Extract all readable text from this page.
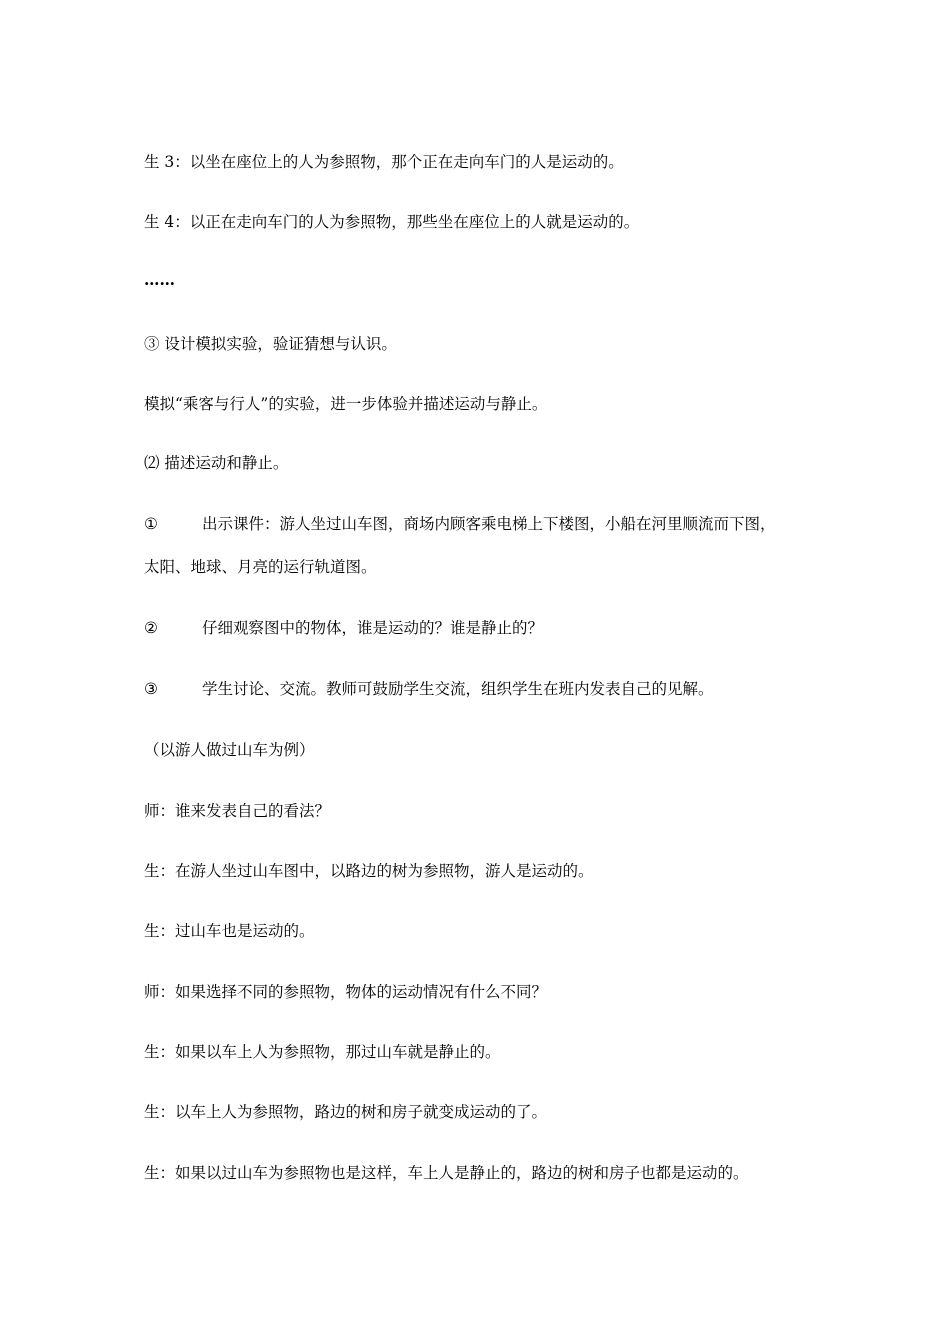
生 3：以坐在座位上的人为参照物，那个正在走向车门的人是运动的。
生 4：以正在走向车门的人为参照物，那些坐在座位上的人就是运动的。
……
③ 设计模拟实验，验证猜想与认识。
模拟“乘客与行人”的实验，进一步体验并描述运动与静止。
⑵ 描述运动和静止。
①	出示课件：游人坐过山车图，商场内顾客乘电梯上下楼图，小船在河里顺流而下图，
太阳、地球、月亮的运行轨道图。
②	仔细观察图中的物体，谁是运动的？谁是静止的？
③	学生讨论、交流。教师可鼓励学生交流，组织学生在班内发表自己的见解。
（以游人做过山车为例）
师：谁来发表自己的看法？
生：在游人坐过山车图中，以路边的树为参照物，游人是运动的。
生：过山车也是运动的。
师：如果选择不同的参照物，物体的运动情况有什么不同？
生：如果以车上人为参照物，那过山车就是静止的。
生：以车上人为参照物，路边的树和房子就变成运动的了。
生：如果以过山车为参照物也是这样，车上人是静止的，路边的树和房子也都是运动的。
